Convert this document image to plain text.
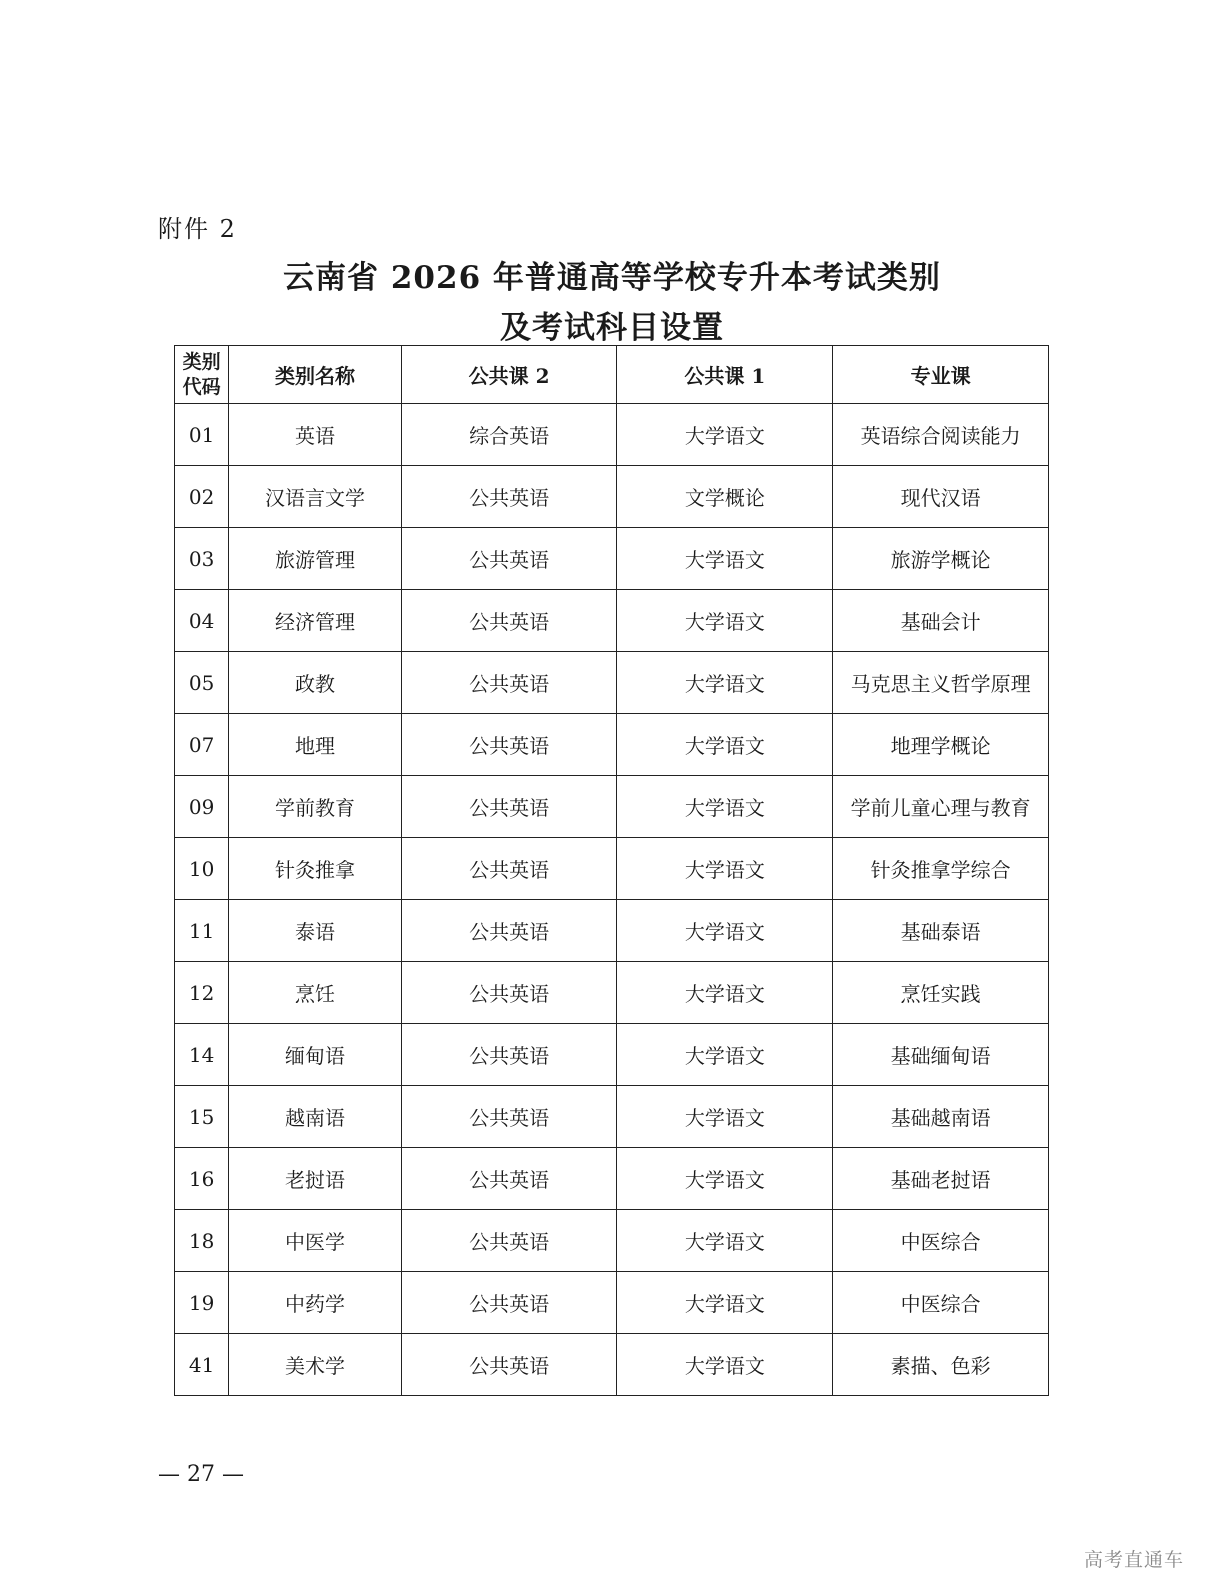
附件 2
云南省 2026 年普通高等学校专升本考试类别
及考试科目设置
类别
代码	类别名称	公共课 2	公共课 1	专业课
01	英语	综合英语	大学语文	英语综合阅读能力
02	汉语言文学	公共英语	文学概论	现代汉语
03	旅游管理	公共英语	大学语文	旅游学概论
04	经济管理	公共英语	大学语文	基础会计
05	政教	公共英语	大学语文	马克思主义哲学原理
07	地理	公共英语	大学语文	地理学概论
09	学前教育	公共英语	大学语文	学前儿童心理与教育
10	针灸推拿	公共英语	大学语文	针灸推拿学综合
11	泰语	公共英语	大学语文	基础泰语
12	烹饪	公共英语	大学语文	烹饪实践
14	缅甸语	公共英语	大学语文	基础缅甸语
15	越南语	公共英语	大学语文	基础越南语
16	老挝语	公共英语	大学语文	基础老挝语
18	中医学	公共英语	大学语文	中医综合
19	中药学	公共英语	大学语文	中医综合
41	美术学	公共英语	大学语文	素描、色彩
— 27 —
高考直通车
